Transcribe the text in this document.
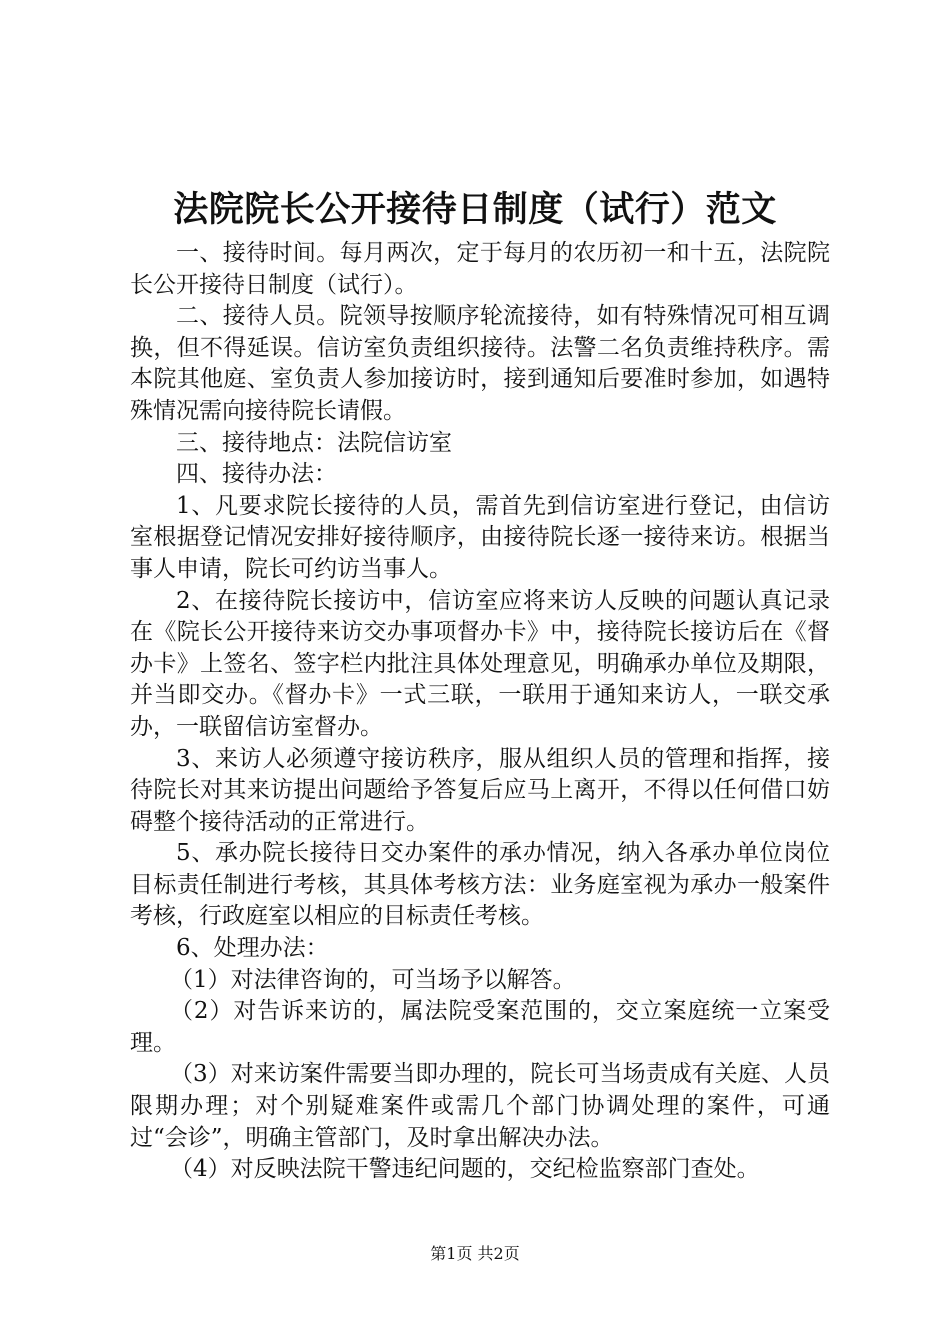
法院院长公开接待日制度（试行）范文

一、接待时间。每月两次，定于每月的农历初一和十五，法院院长公开接待日制度（试行）。

二、接待人员。院领导按顺序轮流接待，如有特殊情况可相互调换，但不得延误。信访室负责组织接待。法警二名负责维持秩序。需本院其他庭、室负责人参加接访时，接到通知后要准时参加，如遇特殊情况需向接待院长请假。

三、接待地点：法院信访室

四、接待办法：

1、凡要求院长接待的人员，需首先到信访室进行登记，由信访室根据登记情况安排好接待顺序，由接待院长逐一接待来访。根据当事人申请，院长可约访当事人。

2、在接待院长接访中，信访室应将来访人反映的问题认真记录在《院长公开接待来访交办事项督办卡》中，接待院长接访后在《督办卡》上签名、签字栏内批注具体处理意见，明确承办单位及期限，并当即交办。《督办卡》一式三联，一联用于通知来访人，一联交承办，一联留信访室督办。

3、来访人必须遵守接访秩序，服从组织人员的管理和指挥，接待院长对其来访提出问题给予答复后应马上离开，不得以任何借口妨碍整个接待活动的正常进行。

5、承办院长接待日交办案件的承办情况，纳入各承办单位岗位目标责任制进行考核，其具体考核方法：业务庭室视为承办一般案件考核，行政庭室以相应的目标责任考核。

6、处理办法：

（1）对法律咨询的，可当场予以解答。

（2）对告诉来访的，属法院受案范围的，交立案庭统一立案受理。

（3）对来访案件需要当即办理的，院长可当场责成有关庭、人员限期办理；对个别疑难案件或需几个部门协调处理的案件，可通过“会诊”，明确主管部门，及时拿出解决办法。

（4）对反映法院干警违纪问题的，交纪检监察部门查处。

第1页 共2页
